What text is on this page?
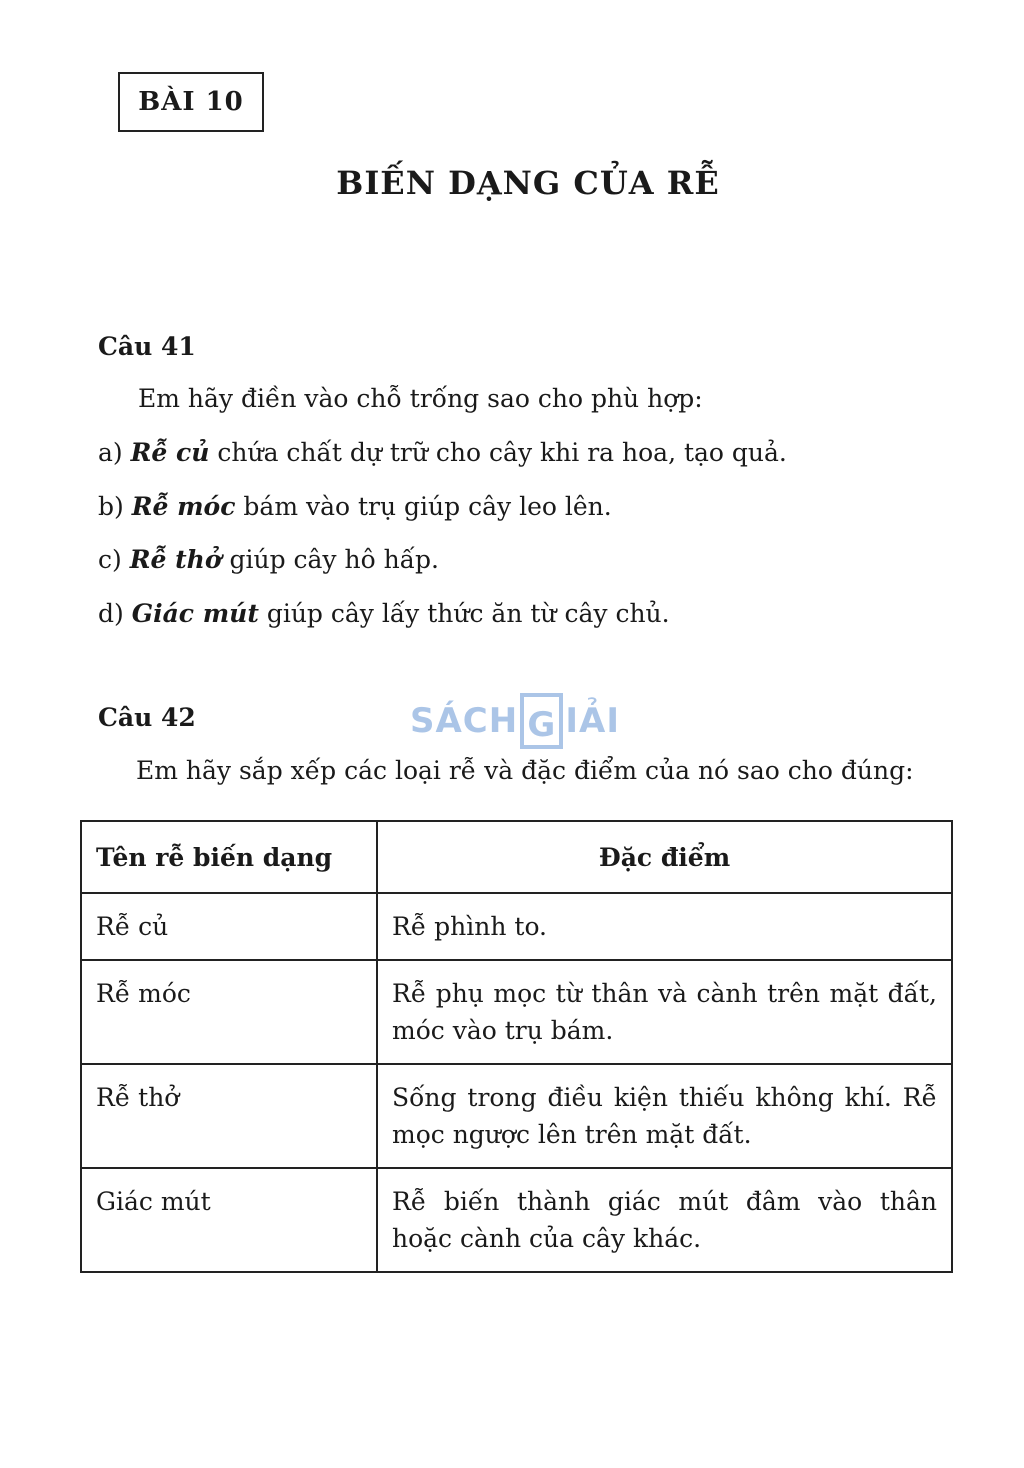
BÀI 10
BIẾN DẠNG CỦA RỄ
Câu 41
Em hãy điền vào chỗ trống sao cho phù hợp:
a) Rễ củ chứa chất dự trữ cho cây khi ra hoa, tạo quả.
b) Rễ móc bám vào trụ giúp cây leo lên.
c) Rễ thở giúp cây hô hấp.
d) Giác mút giúp cây lấy thức ăn từ cây chủ.
SÁCH G IẢI
Câu 42
Em hãy sắp xếp các loại rễ và đặc điểm của nó sao cho đúng:
Tên rễ biến dạng	Đặc điểm
Rễ củ	Rễ phình to.
Rễ móc	Rễ phụ mọc từ thân và cành trên mặt đất, móc vào trụ bám.
Rễ thở	Sống trong điều kiện thiếu không khí. Rễ mọc ngược lên trên mặt đất.
Giác mút	Rễ biến thành giác mút đâm vào thân hoặc cành của cây khác.
